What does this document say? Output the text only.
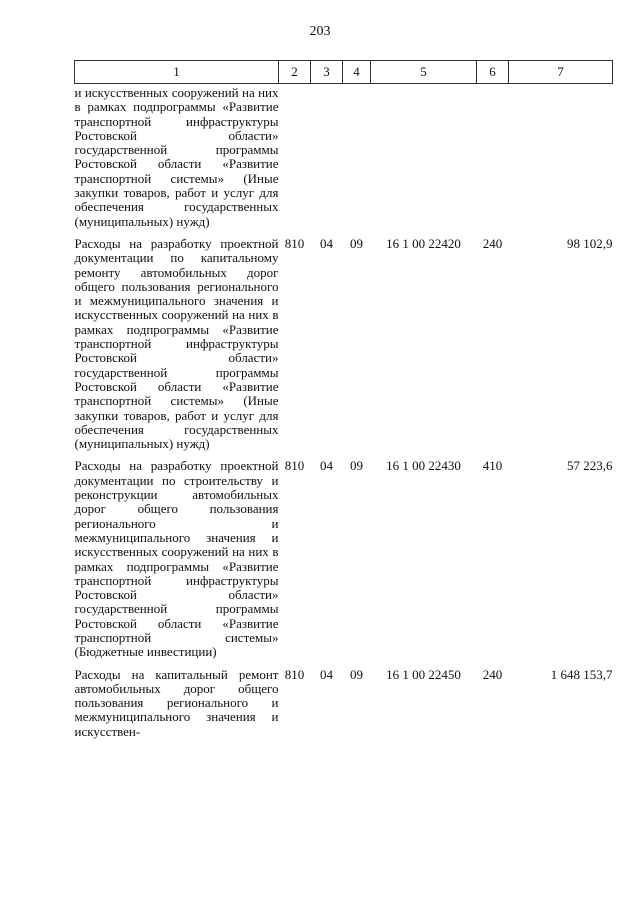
203
1	2	3	4	5	6	7
и искусственных сооружений на них в рамках подпрограммы «Развитие транспортной инфраструктуры Ростовской области» государственной программы Ростовской области «Развитие транспортной системы» (Иные закупки товаров, работ и услуг для обеспечения государственных (муниципальных) нужд)						
Расходы на разработку проектной документации по капитальному ремонту автомобильных дорог общего пользования регионального и межмуниципального значения и искусственных сооружений на них в рамках подпрограммы «Развитие транспортной инфраструктуры Ростовской области» государственной программы Ростовской области «Развитие транспортной системы» (Иные закупки товаров, работ и услуг для обеспечения государственных (муниципальных) нужд)	810	04	09	16 1 00 22420	240	98 102,9
Расходы на разработку проектной документации по строительству и реконструкции автомобильных дорог общего пользования регионального и межмуниципального значения и искусственных сооружений на них в рамках подпрограммы «Развитие транспортной инфраструктуры Ростовской области» государственной программы Ростовской области «Развитие транспортной системы» (Бюджетные инвестиции)	810	04	09	16 1 00 22430	410	57 223,6
Расходы на капитальный ремонт автомобильных дорог общего пользования регионального и межмуниципального значения и искусствен-	810	04	09	16 1 00 22450	240	1 648 153,7
